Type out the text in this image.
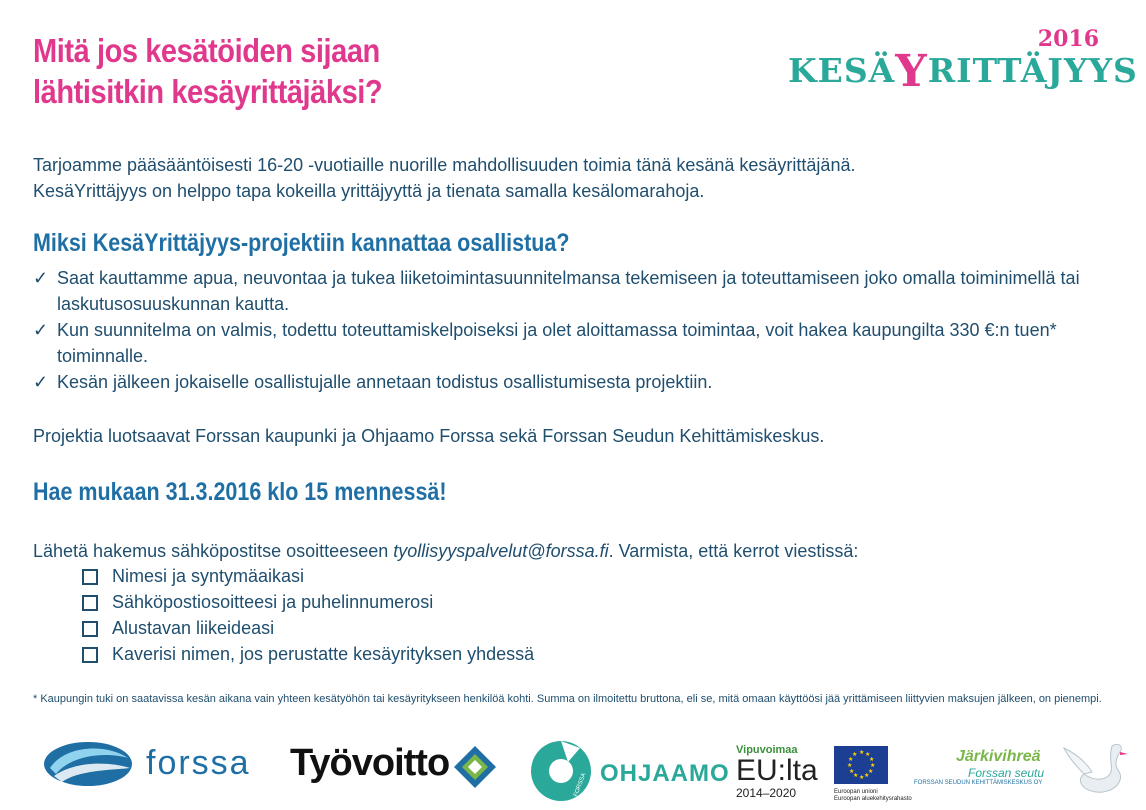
Mitä jos kesätöiden sijaan
lähtisitkin kesäyrittäjäksi?
2016
KESÄYRITTÄJYYS

Tarjoamme pääsääntöisesti 16-20 -vuotiaille nuorille mahdollisuuden toimia tänä kesänä kesäyrittäjänä.
KesäYrittäjyys on helppo tapa kokeilla yrittäjyyttä ja tienata samalla kesälomarahoja.

Miksi KesäYrittäjyys-projektiin kannattaa osallistua?
✓ Saat kauttamme apua, neuvontaa ja tukea liiketoimintasuunnitelmansa tekemiseen ja toteuttamiseen joko omalla toiminimellä tai laskutusosuuskunnan kautta.
✓ Kun suunnitelma on valmis, todettu toteuttamiskelpoiseksi ja olet aloittamassa toimintaa, voit hakea kaupungilta 330 €:n tuen* toiminnalle.
✓ Kesän jälkeen jokaiselle osallistujalle annetaan todistus osallistumisesta projektiin.

Projektia luotsaavat Forssan kaupunki ja Ohjaamo Forssa sekä Forssan Seudun Kehittämiskeskus.

Hae mukaan 31.3.2016 klo 15 mennessä!

Lähetä hakemus sähköpostitse osoitteeseen tyollisyyspalvelut@forssa.fi. Varmista, että kerrot viestissä:

Nimesi ja syntymäaikasi
Sähköpostiosoitteesi ja puhelinnumerosi
Alustavan liikeideasi
Kaverisi nimen, jos perustatte kesäyrityksen yhdessä

* Kaupungin tuki on saatavissa kesän aikana vain yhteen kesätyöhön tai kesäyritykseen henkilöä kohti. Summa on ilmoitettu bruttona, eli se, mitä omaan käyttöösi jää yrittämiseen liittyvien maksujen jälkeen, on pienempi.

forssa Työvoitto
FORSSA OHJAAMO
Vipuvoimaa
EU:lta
2014–2020
★ ★
★
★
★
★
★
★
★
★
★
★
Euroopan unioni
Euroopan aluekehitysrahasto
Järkivihreä
Forssan seutu
FORSSAN SEUDUN KEHITTÄMISKESKUS OY
